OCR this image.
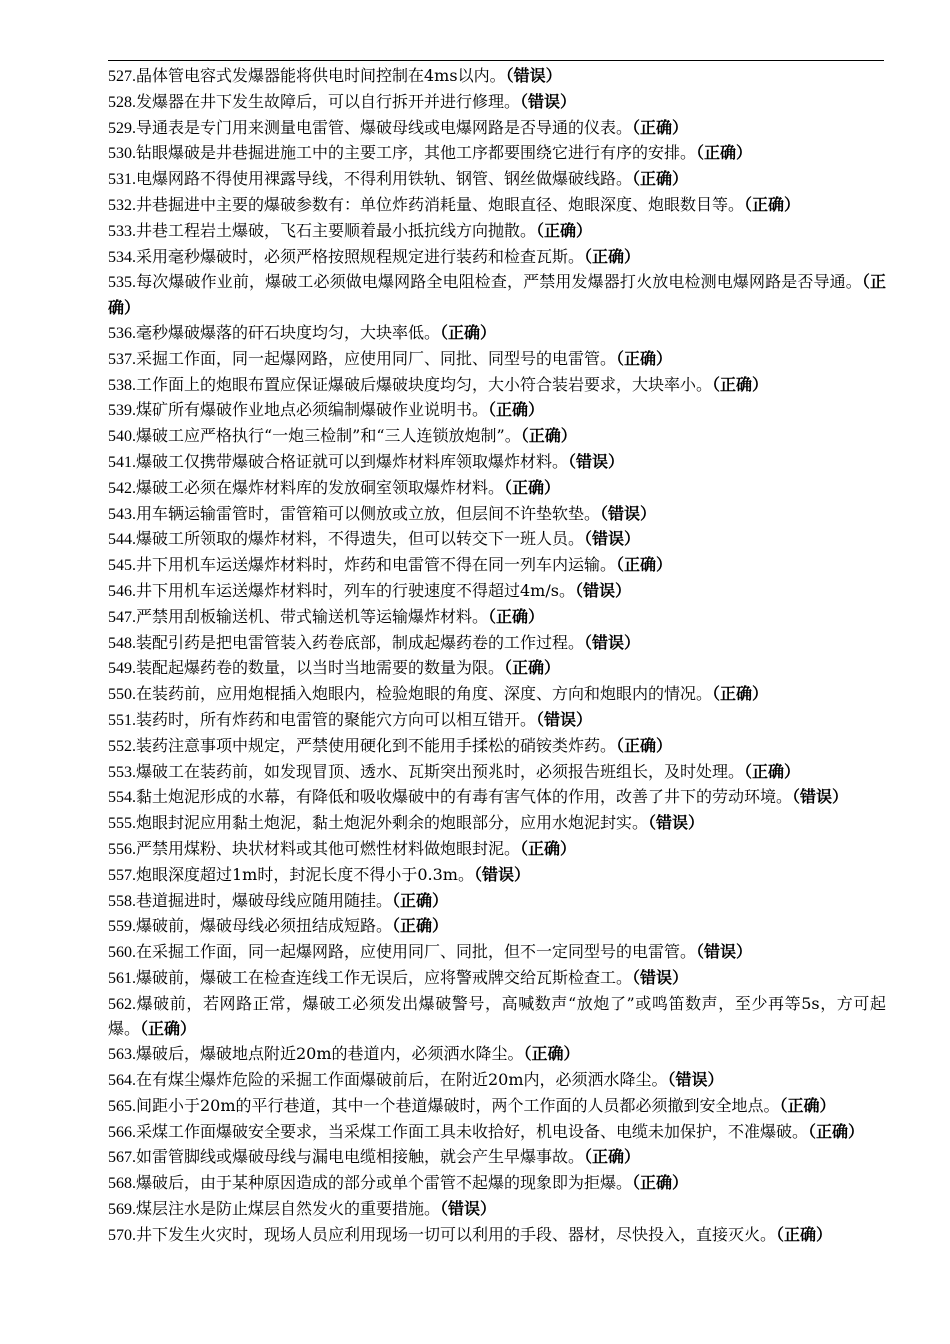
527.晶体管电容式发爆器能将供电时间控制在4ms以内。（错误）
528.发爆器在井下发生故障后，可以自行拆开并进行修理。（错误）
529.导通表是专门用来测量电雷管、爆破母线或电爆网路是否导通的仪表。（正确）
530.钻眼爆破是井巷掘进施工中的主要工序，其他工序都要围绕它进行有序的安排。（正确）
531.电爆网路不得使用裸露导线，不得利用铁轨、钢管、钢丝做爆破线路。（正确）
532.井巷掘进中主要的爆破参数有：单位炸药消耗量、炮眼直径、炮眼深度、炮眼数目等。（正确）
533.井巷工程岩土爆破，飞石主要顺着最小抵抗线方向抛散。（正确）
534.采用毫秒爆破时，必须严格按照规程规定进行装药和检查瓦斯。（正确）
535.每次爆破作业前，爆破工必须做电爆网路全电阻检查，严禁用发爆器打火放电检测电爆网路是否导通。（正确）
536.毫秒爆破爆落的矸石块度均匀，大块率低。（正确）
537.采掘工作面，同一起爆网路，应使用同厂、同批、同型号的电雷管。（正确）
538.工作面上的炮眼布置应保证爆破后爆破块度均匀，大小符合装岩要求，大块率小。（正确）
539.煤矿所有爆破作业地点必须编制爆破作业说明书。（正确）
540.爆破工应严格执行“一炮三检制”和“三人连锁放炮制”。（正确）
541.爆破工仅携带爆破合格证就可以到爆炸材料库领取爆炸材料。（错误）
542.爆破工必须在爆炸材料库的发放硐室领取爆炸材料。（正确）
543.用车辆运输雷管时，雷管箱可以侧放或立放，但层间不许垫软垫。（错误）
544.爆破工所领取的爆炸材料，不得遗失，但可以转交下一班人员。（错误）
545.井下用机车运送爆炸材料时，炸药和电雷管不得在同一列车内运输。（正确）
546.井下用机车运送爆炸材料时，列车的行驶速度不得超过4m/s。（错误）
547.严禁用刮板输送机、带式输送机等运输爆炸材料。（正确）
548.装配引药是把电雷管装入药卷底部，制成起爆药卷的工作过程。（错误）
549.装配起爆药卷的数量，以当时当地需要的数量为限。（正确）
550.在装药前，应用炮棍插入炮眼内，检验炮眼的角度、深度、方向和炮眼内的情况。（正确）
551.装药时，所有炸药和电雷管的聚能穴方向可以相互错开。（错误）
552.装药注意事项中规定，严禁使用硬化到不能用手揉松的硝铵类炸药。（正确）
553.爆破工在装药前，如发现冒顶、透水、瓦斯突出预兆时，必须报告班组长，及时处理。（正确）
554.黏土炮泥形成的水幕，有降低和吸收爆破中的有毒有害气体的作用，改善了井下的劳动环境。（错误）
555.炮眼封泥应用黏土炮泥，黏土炮泥外剩余的炮眼部分，应用水炮泥封实。（错误）
556.严禁用煤粉、块状材料或其他可燃性材料做炮眼封泥。（正确）
557.炮眼深度超过1m时，封泥长度不得小于0.3m。（错误）
558.巷道掘进时，爆破母线应随用随挂。（正确）
559.爆破前，爆破母线必须扭结成短路。（正确）
560.在采掘工作面，同一起爆网路，应使用同厂、同批，但不一定同型号的电雷管。（错误）
561.爆破前，爆破工在检查连线工作无误后，应将警戒牌交给瓦斯检查工。（错误）
562.爆破前，若网路正常，爆破工必须发出爆破警号，高喊数声“放炮了”或鸣笛数声，至少再等5s，方可起爆。（正确）
563.爆破后，爆破地点附近20m的巷道内，必须洒水降尘。（正确）
564.在有煤尘爆炸危险的采掘工作面爆破前后，在附近20m内，必须洒水降尘。（错误）
565.间距小于20m的平行巷道，其中一个巷道爆破时，两个工作面的人员都必须撤到安全地点。（正确）
566.采煤工作面爆破安全要求，当采煤工作面工具未收拾好，机电设备、电缆未加保护，不准爆破。（正确）
567.如雷管脚线或爆破母线与漏电电缆相接触，就会产生早爆事故。（正确）
568.爆破后，由于某种原因造成的部分或单个雷管不起爆的现象即为拒爆。（正确）
569.煤层注水是防止煤层自然发火的重要措施。（错误）
570.井下发生火灾时，现场人员应利用现场一切可以利用的手段、器材，尽快投入，直接灭火。（正确）
